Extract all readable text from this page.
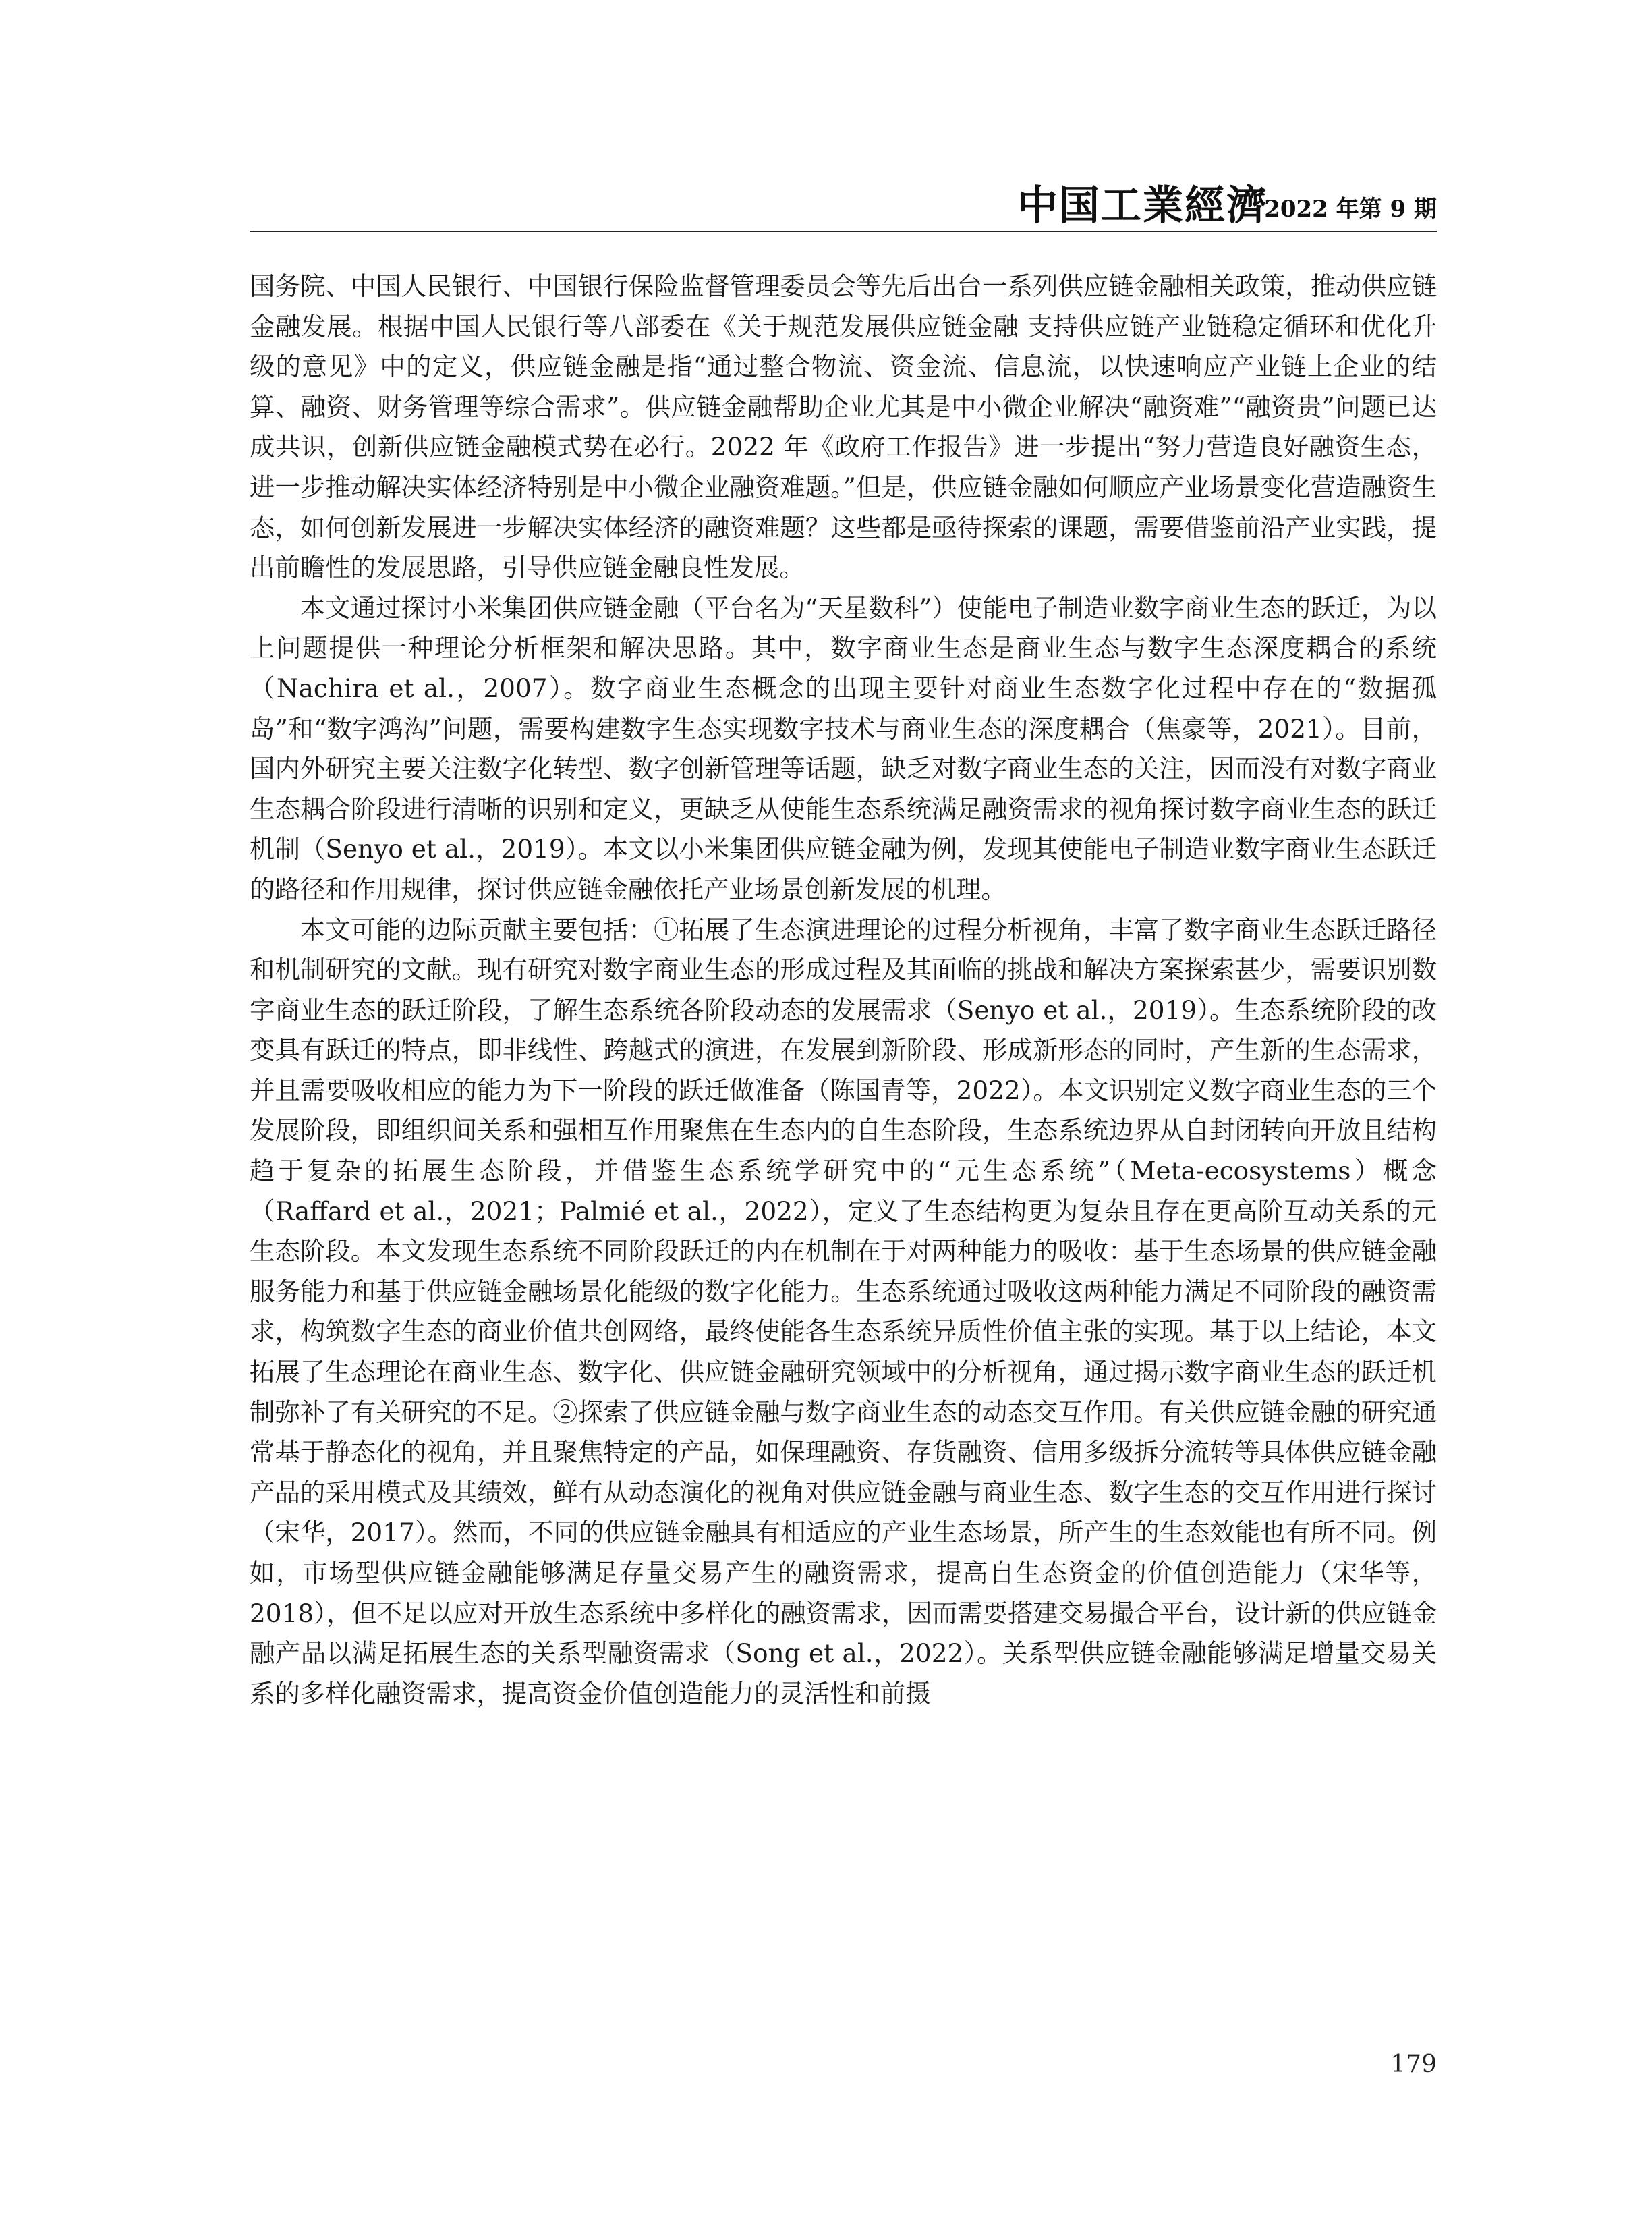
中国工業經濟
2022 年第 9 期

国务院、中国人民银行、中国银行保险监督管理委员会等先后出台一系列供应链金融相关政策，推动供应链金融发展。根据中国人民银行等八部委在《关于规范发展供应链金融 支持供应链产业链稳定循环和优化升级的意见》中的定义，供应链金融是指“通过整合物流、资金流、信息流，以快速响应产业链上企业的结算、融资、财务管理等综合需求”。供应链金融帮助企业尤其是中小微企业解决“融资难”“融资贵”问题已达成共识，创新供应链金融模式势在必行。2022 年《政府工作报告》进一步提出“努力营造良好融资生态，进一步推动解决实体经济特别是中小微企业融资难题。”但是，供应链金融如何顺应产业场景变化营造融资生态，如何创新发展进一步解决实体经济的融资难题？这些都是亟待探索的课题，需要借鉴前沿产业实践，提出前瞻性的发展思路，引导供应链金融良性发展。

本文通过探讨小米集团供应链金融（平台名为“天星数科”）使能电子制造业数字商业生态的跃迁，为以上问题提供一种理论分析框架和解决思路。其中，数字商业生态是商业生态与数字生态深度耦合的系统（Nachira et al.，2007）。数字商业生态概念的出现主要针对商业生态数字化过程中存在的“数据孤岛”和“数字鸿沟”问题，需要构建数字生态实现数字技术与商业生态的深度耦合（焦豪等，2021）。目前，国内外研究主要关注数字化转型、数字创新管理等话题，缺乏对数字商业生态的关注，因而没有对数字商业生态耦合阶段进行清晰的识别和定义，更缺乏从使能生态系统满足融资需求的视角探讨数字商业生态的跃迁机制（Senyo et al.，2019）。本文以小米集团供应链金融为例，发现其使能电子制造业数字商业生态跃迁的路径和作用规律，探讨供应链金融依托产业场景创新发展的机理。

本文可能的边际贡献主要包括：①拓展了生态演进理论的过程分析视角，丰富了数字商业生态跃迁路径和机制研究的文献。现有研究对数字商业生态的形成过程及其面临的挑战和解决方案探索甚少，需要识别数字商业生态的跃迁阶段，了解生态系统各阶段动态的发展需求（Senyo et al.，2019）。生态系统阶段的改变具有跃迁的特点，即非线性、跨越式的演进，在发展到新阶段、形成新形态的同时，产生新的生态需求，并且需要吸收相应的能力为下一阶段的跃迁做准备（陈国青等，2022）。本文识别定义数字商业生态的三个发展阶段，即组织间关系和强相互作用聚焦在生态内的自生态阶段，生态系统边界从自封闭转向开放且结构趋于复杂的拓展生态阶段，并借鉴生态系统学研究中的“元生态系统”（Meta-ecosystems）概念（Raffard et al.，2021；Palmié et al.，2022），定义了生态结构更为复杂且存在更高阶互动关系的元生态阶段。本文发现生态系统不同阶段跃迁的内在机制在于对两种能力的吸收：基于生态场景的供应链金融服务能力和基于供应链金融场景化能级的数字化能力。生态系统通过吸收这两种能力满足不同阶段的融资需求，构筑数字生态的商业价值共创网络，最终使能各生态系统异质性价值主张的实现。基于以上结论，本文拓展了生态理论在商业生态、数字化、供应链金融研究领域中的分析视角，通过揭示数字商业生态的跃迁机制弥补了有关研究的不足。②探索了供应链金融与数字商业生态的动态交互作用。有关供应链金融的研究通常基于静态化的视角，并且聚焦特定的产品，如保理融资、存货融资、信用多级拆分流转等具体供应链金融产品的采用模式及其绩效，鲜有从动态演化的视角对供应链金融与商业生态、数字生态的交互作用进行探讨（宋华，2017）。然而，不同的供应链金融具有相适应的产业生态场景，所产生的生态效能也有所不同。例如，市场型供应链金融能够满足存量交易产生的融资需求，提高自生态资金的价值创造能力（宋华等，2018），但不足以应对开放生态系统中多样化的融资需求，因而需要搭建交易撮合平台，设计新的供应链金融产品以满足拓展生态的关系型融资需求（Song et al.，2022）。关系型供应链金融能够满足增量交易关系的多样化融资需求，提高资金价值创造能力的灵活性和前摄

179
